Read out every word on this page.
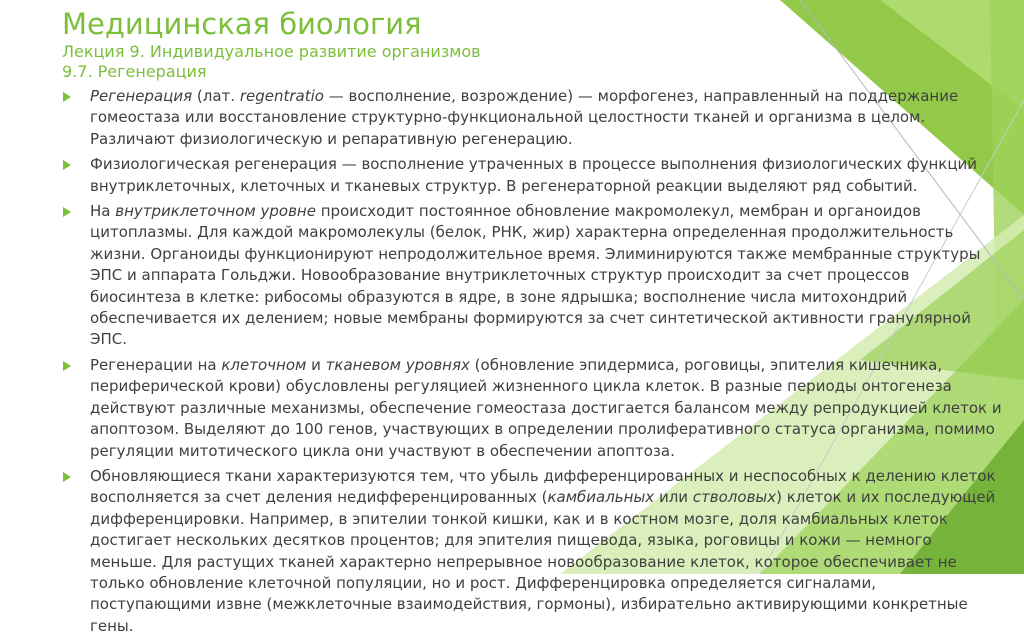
Медицинская биология
Лекция 9. Индивидуальное развитие организмов
9.7. Регенерация
Регенерация (лат. regentratio — восполнение, возрождение) — морфогенез, направленный на поддержание гомеостаза или восстановление структурно-функциональной целостности тканей и организма в целом. Различают физиологическую и репаративную регенерацию.
Физиологическая регенерация — восполнение утраченных в процессе выполнения физиологических функций внутриклеточных, клеточных и тканевых структур. В регенераторной реакции выделяют ряд событий.
На внутриклеточном уровне происходит постоянное обновление макромолекул, мембран и органоидов цитоплазмы. Для каждой макромолекулы (белок, РНК, жир) характерна определенная продолжительность жизни. Органоиды функционируют непродолжительное время. Элиминируются также мембранные структуры ЭПС и аппарата Гольджи. Новообразование внутриклеточных структур происходит за счет процессов биосинтеза в клетке: рибосомы образуются в ядре, в зоне ядрышка; восполнение числа митохондрий обеспечивается их делением; новые мембраны формируются за счет синтетической активности гранулярной ЭПС.
Регенерации на клеточном и тканевом уровнях (обновление эпидермиса, роговицы, эпителия кишечника, периферической крови) обусловлены регуляцией жизненного цикла клеток. В разные периоды онтогенеза действуют различные механизмы, обеспечение гомеостаза достигается балансом между репродукцией клеток и апоптозом. Выделяют до 100 генов, участвующих в определении пролиферативного статуса организма, помимо регуляции митотического цикла они участвуют в обеспечении апоптоза.
Обновляющиеся ткани характеризуются тем, что убыль дифференцированных и неспособных к делению клеток восполняется за счет деления недифференцированных (камбиальных или стволовых) клеток и их последующей дифференцировки. Например, в эпителии тонкой кишки, как и в костном мозге, доля камбиальных клеток достигает нескольких десятков процентов; для эпителия пищевода, языка, роговицы и кожи — немного меньше. Для растущих тканей характерно непрерывное новообразование клеток, которое обеспечивает не только обновление клеточной популяции, но и рост. Дифференцировка определяется сигналами, поступающими извне (межклеточные взаимодействия, гормоны), избирательно активирующими конкретные гены.
